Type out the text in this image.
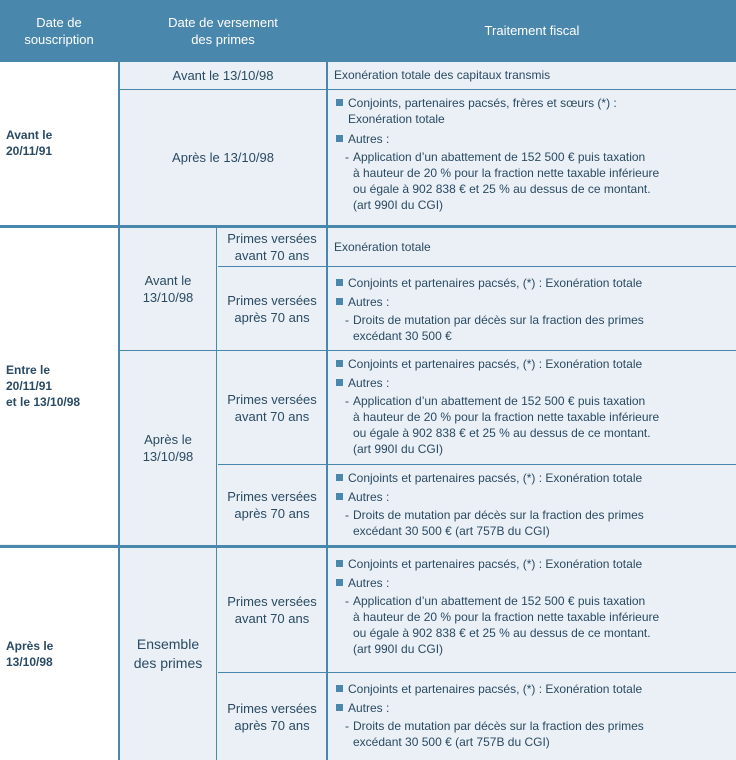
Date de
souscription
Date de versement
des primes
Traitement fiscal
Avant le
20/11/91
Avant le 13/10/98	Exonération totale des capitaux transmis
Après le 13/10/98
Conjoints, partenaires pacsés, frères et sœurs (*) :
Exonération totale
Autres :
- Application d’un abattement de 152 500 € puis taxation
à hauteur de 20 % pour la fraction nette taxable inférieure
ou égale à 902 838 € et 25 % au dessus de ce montant.
(art 990I du CGI)
Entre le
20/11/91
et le 13/10/98
Avant le
13/10/98
Primes versées
avant 70 ans
Exonération totale
Primes versées
après 70 ans
Conjoints et partenaires pacsés, (*) : Exonération totale
Autres :
- Droits de mutation par décès sur la fraction des primes
excédant 30 500 €
Après le
13/10/98
Primes versées
avant 70 ans
Conjoints et partenaires pacsés, (*) : Exonération totale
Autres :
- Application d’un abattement de 152 500 € puis taxation
à hauteur de 20 % pour la fraction nette taxable inférieure
ou égale à 902 838 € et 25 % au dessus de ce montant.
(art 990I du CGI)
Primes versées
après 70 ans
Conjoints et partenaires pacsés, (*) : Exonération totale
Autres :
- Droits de mutation par décès sur la fraction des primes
excédant 30 500 € (art 757B du CGI)
Après le
13/10/98
Ensemble
des primes
Primes versées
avant 70 ans
Conjoints et partenaires pacsés, (*) : Exonération totale
Autres :
- Application d’un abattement de 152 500 € puis taxation
à hauteur de 20 % pour la fraction nette taxable inférieure
ou égale à 902 838 € et 25 % au dessus de ce montant.
(art 990I du CGI)
Primes versées
après 70 ans
Conjoints et partenaires pacsés, (*) : Exonération totale
Autres :
- Droits de mutation par décès sur la fraction des primes
excédant 30 500 € (art 757B du CGI)
